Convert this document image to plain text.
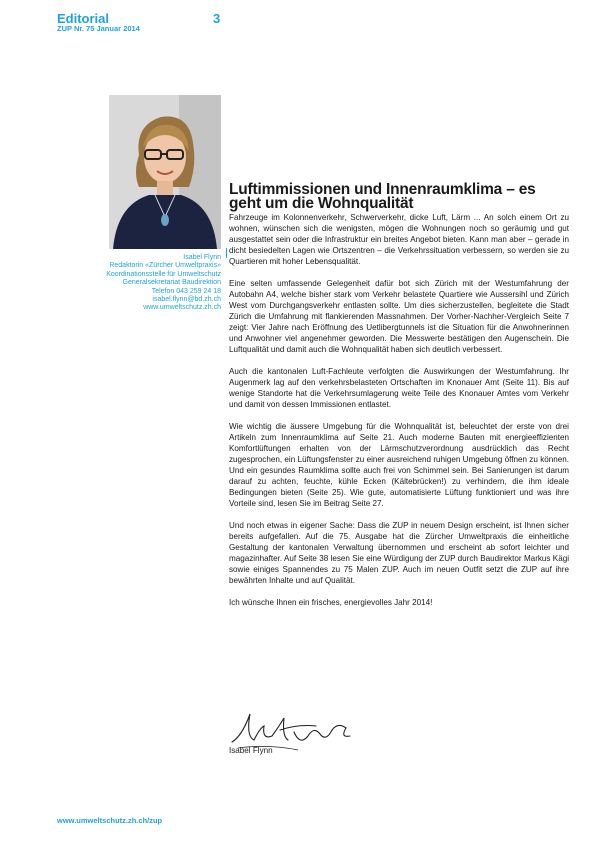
Editorial	3
ZUP Nr. 75 Januar 2014
Isabel Flynn
Redaktorin «Zürcher Umweltpraxis»
Koordinationsstelle für Umweltschutz
Generalsekretariat Baudirektion
Telefon 043 259 24 18
isabel.flynn@bd.zh.ch
www.umweltschutz.zh.ch
Luftimmissionen und Innenraumklima – es geht um die Wohnqualität

Fahrzeuge im Kolonnenverkehr, Schwerverkehr, dicke Luft, Lärm ... An solch einem Ort zu wohnen, wünschen sich die wenigsten, mögen die Wohnungen noch so geräumig und gut ausgestattet sein oder die Infrastruktur ein breites Angebot bieten. Kann man aber – gerade in dicht besiedelten Lagen wie Ortszentren – die Verkehrssituation verbessern, so werden sie zu Quartieren mit hoher Lebensqualität.

Eine selten umfassende Gelegenheit dafür bot sich Zürich mit der Westumfahrung der Autobahn A4, welche bisher stark vom Verkehr belastete Quartiere wie Aussersihl und Zürich West vom Durchgangsverkehr entlasten sollte. Um dies sicherzustellen, begleitete die Stadt Zürich die Umfahrung mit flankierenden Massnahmen. Der Vorher-Nachher-Vergleich Seite 7 zeigt: Vier Jahre nach Eröffnung des Uetlibergtunnels ist die Situation für die Anwohnerinnen und Anwohner viel angenehmer geworden. Die Messwerte bestätigen den Augenschein. Die Luftqualität und damit auch die Wohnqualität haben sich deutlich verbessert.

Auch die kantonalen Luft-Fachleute verfolgten die Auswirkungen der Westumfahrung. Ihr Augenmerk lag auf den verkehrsbelasteten Ortschaften im Knonauer Amt (Seite 11). Bis auf wenige Standorte hat die Verkehrsumlagerung weite Teile des Knonauer Amtes vom Verkehr und damit von dessen Immissionen entlastet.

Wie wichtig die äussere Umgebung für die Wohnqualität ist, beleuchtet der erste von drei Artikeln zum Innenraumklima auf Seite 21. Auch moderne Bauten mit energieeffizienten Komfortlüftungen erhalten von der Lärmschutzverordnung ausdrücklich das Recht zugesprochen, ein Lüftungsfenster zu einer ausreichend ruhigen Umgebung öffnen zu können. Und ein gesundes Raumklima sollte auch frei von Schimmel sein. Bei Sanierungen ist darum darauf zu achten, feuchte, kühle Ecken (Kältebrücken!) zu verhindern, die ihm ideale Bedingungen bieten (Seite 25). Wie gute, automatisierte Lüftung funktioniert und was ihre Vorteile sind, lesen Sie im Beitrag Seite 27.

Und noch etwas in eigener Sache: Dass die ZUP in neuem Design erscheint, ist Ihnen sicher bereits aufgefallen. Auf die 75. Ausgabe hat die Zürcher Umweltpraxis die einheitliche Gestaltung der kantonalen Verwaltung übernommen und erscheint ab sofort leichter und magazinhafter. Auf Seite 38 lesen Sie eine Würdigung der ZUP durch Baudirektor Markus Kägi sowie einiges Spannendes zu 75 Malen ZUP. Auch im neuen Outfit setzt die ZUP auf ihre bewährten Inhalte und auf Qualität.

Ich wünsche Ihnen ein frisches, energievolles Jahr 2014!

Isabel Flynn
www.umweltschutz.zh.ch/zup
